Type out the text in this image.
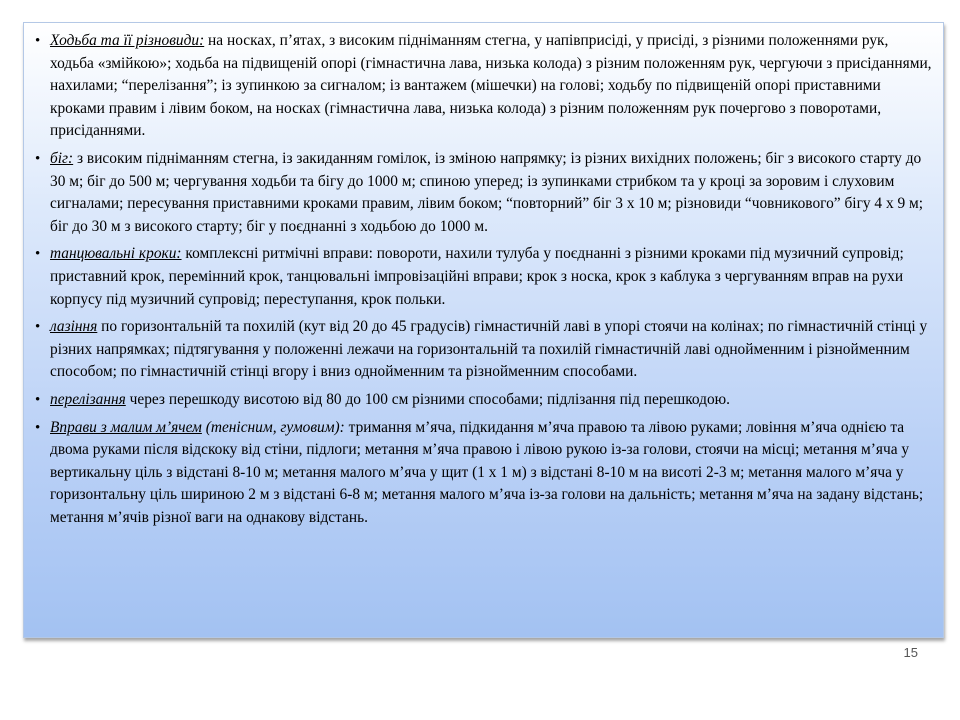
• Ходьба та її різновиди: на носках, п’ятах, з високим підніманням стегна, у напівприсіді, у присіді, з різними положеннями рук, ходьба «змійкою»; ходьба на підвищеній опорі (гімнастична лава, низька колода) з різним положенням рук, чергуючи з присіданнями, нахилами; “перелізання”; із зупинкою за сигналом; із вантажем (мішечки) на голові; ходьбу по підвищеній опорі приставними кроками правим і лівим боком, на носках (гімнастична лава, низька колода) з різним положенням рук почергово з поворотами, присіданнями.
• біг: з високим підніманням стегна, із закиданням гомілок, із зміною напрямку; із різних вихідних положень; біг з високого старту до 30 м; біг до 500 м; чергування ходьби та бігу до 1000 м; спиною уперед; із зупинками стрибком та у кроці за зоровим і слуховим сигналами; пересування приставними кроками правим, лівим боком; “повторний” біг 3 х 10 м; різновиди “човникового” бігу 4 х 9 м; біг до 30 м з високого старту; біг у поєднанні з ходьбою до 1000 м.
• танцювальні кроки: комплексні ритмічні вправи: повороти, нахили тулуба у поєднанні з різними кроками під музичний супровід; приставний крок, перемінний крок, танцювальні імпровізаційні вправи; крок з носка, крок з каблука з чергуванням вправ на рухи корпусу під музичний супровід; переступання, крок польки.
• лазіння по горизонтальній та похилій (кут від 20 до 45 градусів) гімнастичній лаві в упорі стоячи на колінах; по гімнастичній стінці у різних напрямках; підтягування у положенні лежачи на горизонтальній та похилій гімнастичній лаві однойменним і різнойменним способом; по гімнастичній стінці вгору і вниз однойменним та різнойменним способами.
• перелізання через перешкоду висотою від 80 до 100 см різними способами; підлізання під перешкодою.
• Вправи з малим м’ячем (тенісним, гумовим): тримання м’яча, підкидання м’яча правою та лівою руками; ловіння м’яча однією та двома руками після відскоку від стіни, підлоги; метання м’яча правою і лівою рукою із-за голови, стоячи на місці; метання м’яча у вертикальну ціль з відстані 8-10 м; метання малого м’яча у щит (1 х 1 м) з відстані 8-10 м на висоті 2-3 м; метання малого м’яча у горизонтальну ціль шириною 2 м з відстані 6-8 м; метання малого м’яча із-за голови на дальність; метання м’яча на задану відстань; метання м’ячів різної ваги на однакову відстань.
15
